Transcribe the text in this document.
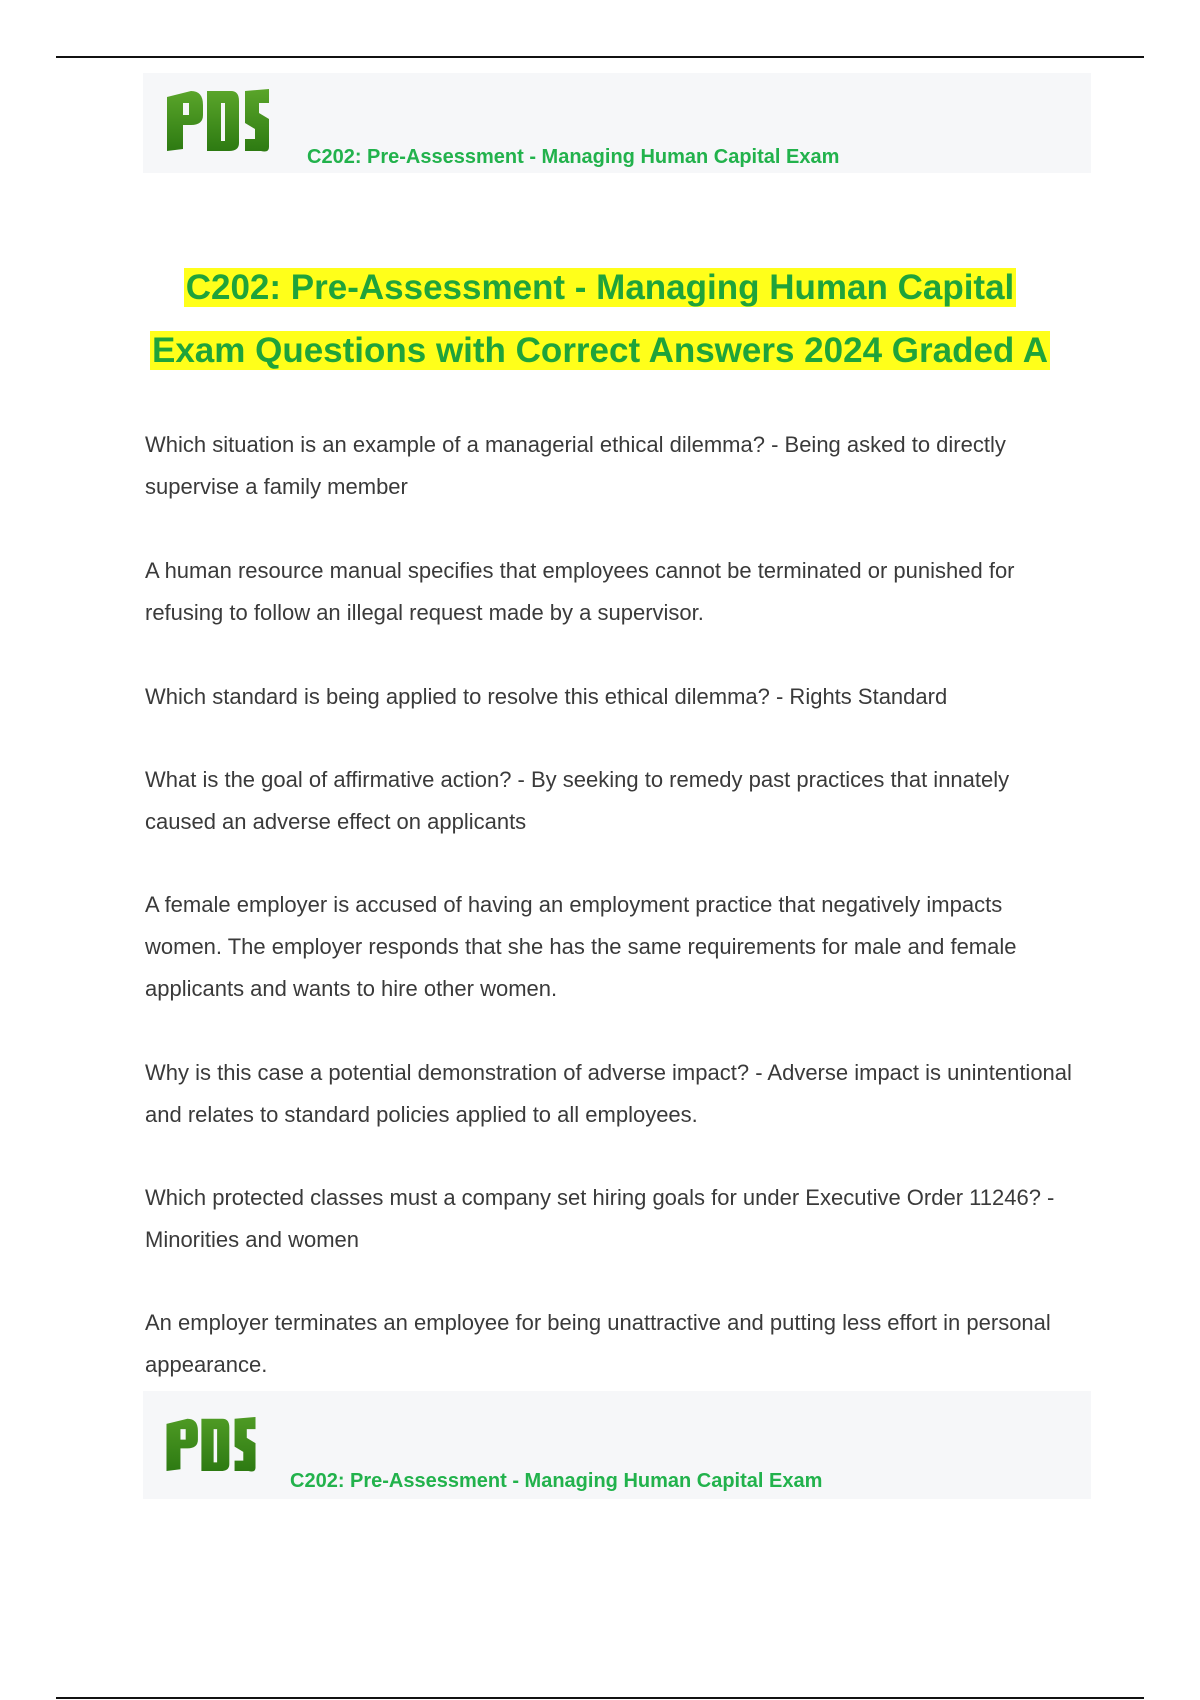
C202: Pre-Assessment - Managing Human Capital Exam
C202: Pre-Assessment - Managing Human Capital
Exam Questions with Correct Answers 2024 Graded A

Which situation is an example of a managerial ethical dilemma? - Being asked to directly supervise a family member

A human resource manual specifies that employees cannot be terminated or punished for refusing to follow an illegal request made by a supervisor.

Which standard is being applied to resolve this ethical dilemma? - Rights Standard

What is the goal of affirmative action? - By seeking to remedy past practices that innately caused an adverse effect on applicants

A female employer is accused of having an employment practice that negatively impacts women. The employer responds that she has the same requirements for male and female applicants and wants to hire other women.

Why is this case a potential demonstration of adverse impact? - Adverse impact is unintentional and relates to standard policies applied to all employees.

Which protected classes must a company set hiring goals for under Executive Order 11246? - Minorities and women

An employer terminates an employee for being unattractive and putting less effort in personal appearance.

C202: Pre-Assessment - Managing Human Capital Exam
